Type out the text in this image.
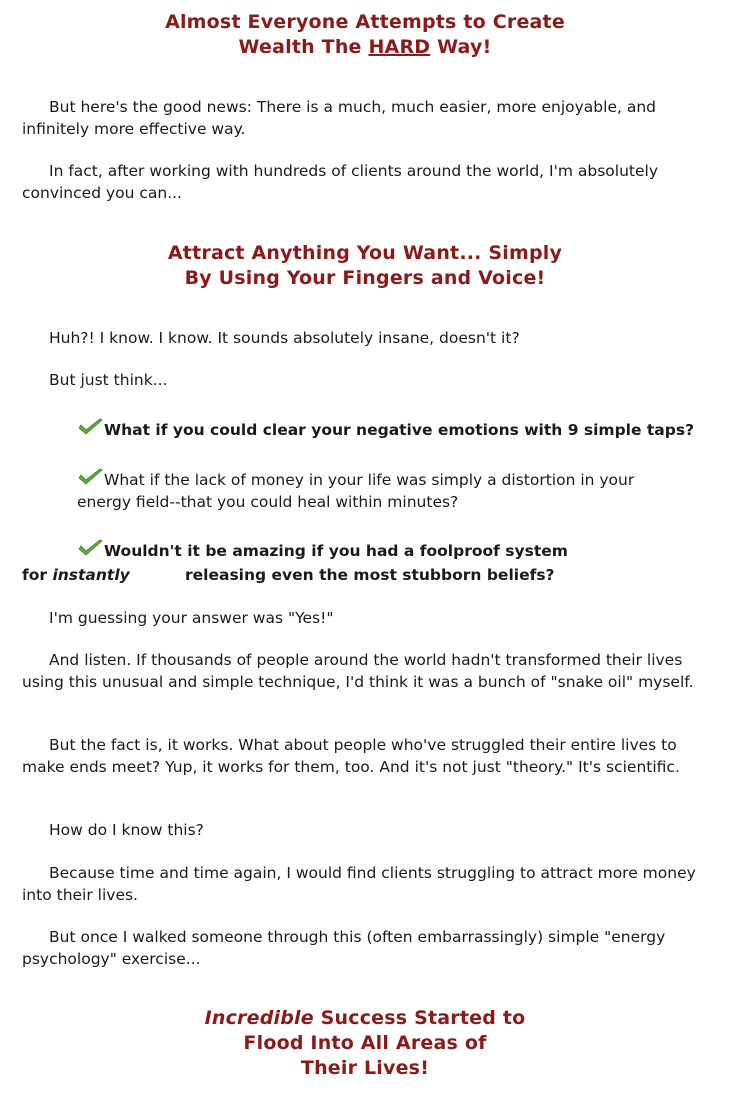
Almost Everyone Attempts to Create
Wealth The HARD Way!
But here's the good news: There is a much, much easier, more enjoyable, and infinitely more effective way.
In fact, after working with hundreds of clients around the world, I'm absolutely convinced you can...
Attract Anything You Want... Simply
By Using Your Fingers and Voice!
Huh?! I know. I know. It sounds absolutely insane, doesn't it?
But just think...
What if you could clear your negative emotions with 9 simple taps?
What if the lack of money in your life was simply a distortion in your
energy field--that you could heal within minutes?
Wouldn't it be amazing if you had a foolproof system
for instantly	releasing even the most stubborn beliefs?
I'm guessing your answer was "Yes!"
And listen. If thousands of people around the world hadn't transformed their lives using this unusual and simple technique, I'd think it was a bunch of "snake oil" myself.
But the fact is, it works. What about people who've struggled their entire lives to make ends meet? Yup, it works for them, too. And it's not just "theory." It's scientific.
How do I know this?
Because time and time again, I would find clients struggling to attract more money into their lives.
But once I walked someone through this (often embarrassingly) simple "energy psychology" exercise...
Incredible Success Started to
Flood Into All Areas of
Their Lives!
